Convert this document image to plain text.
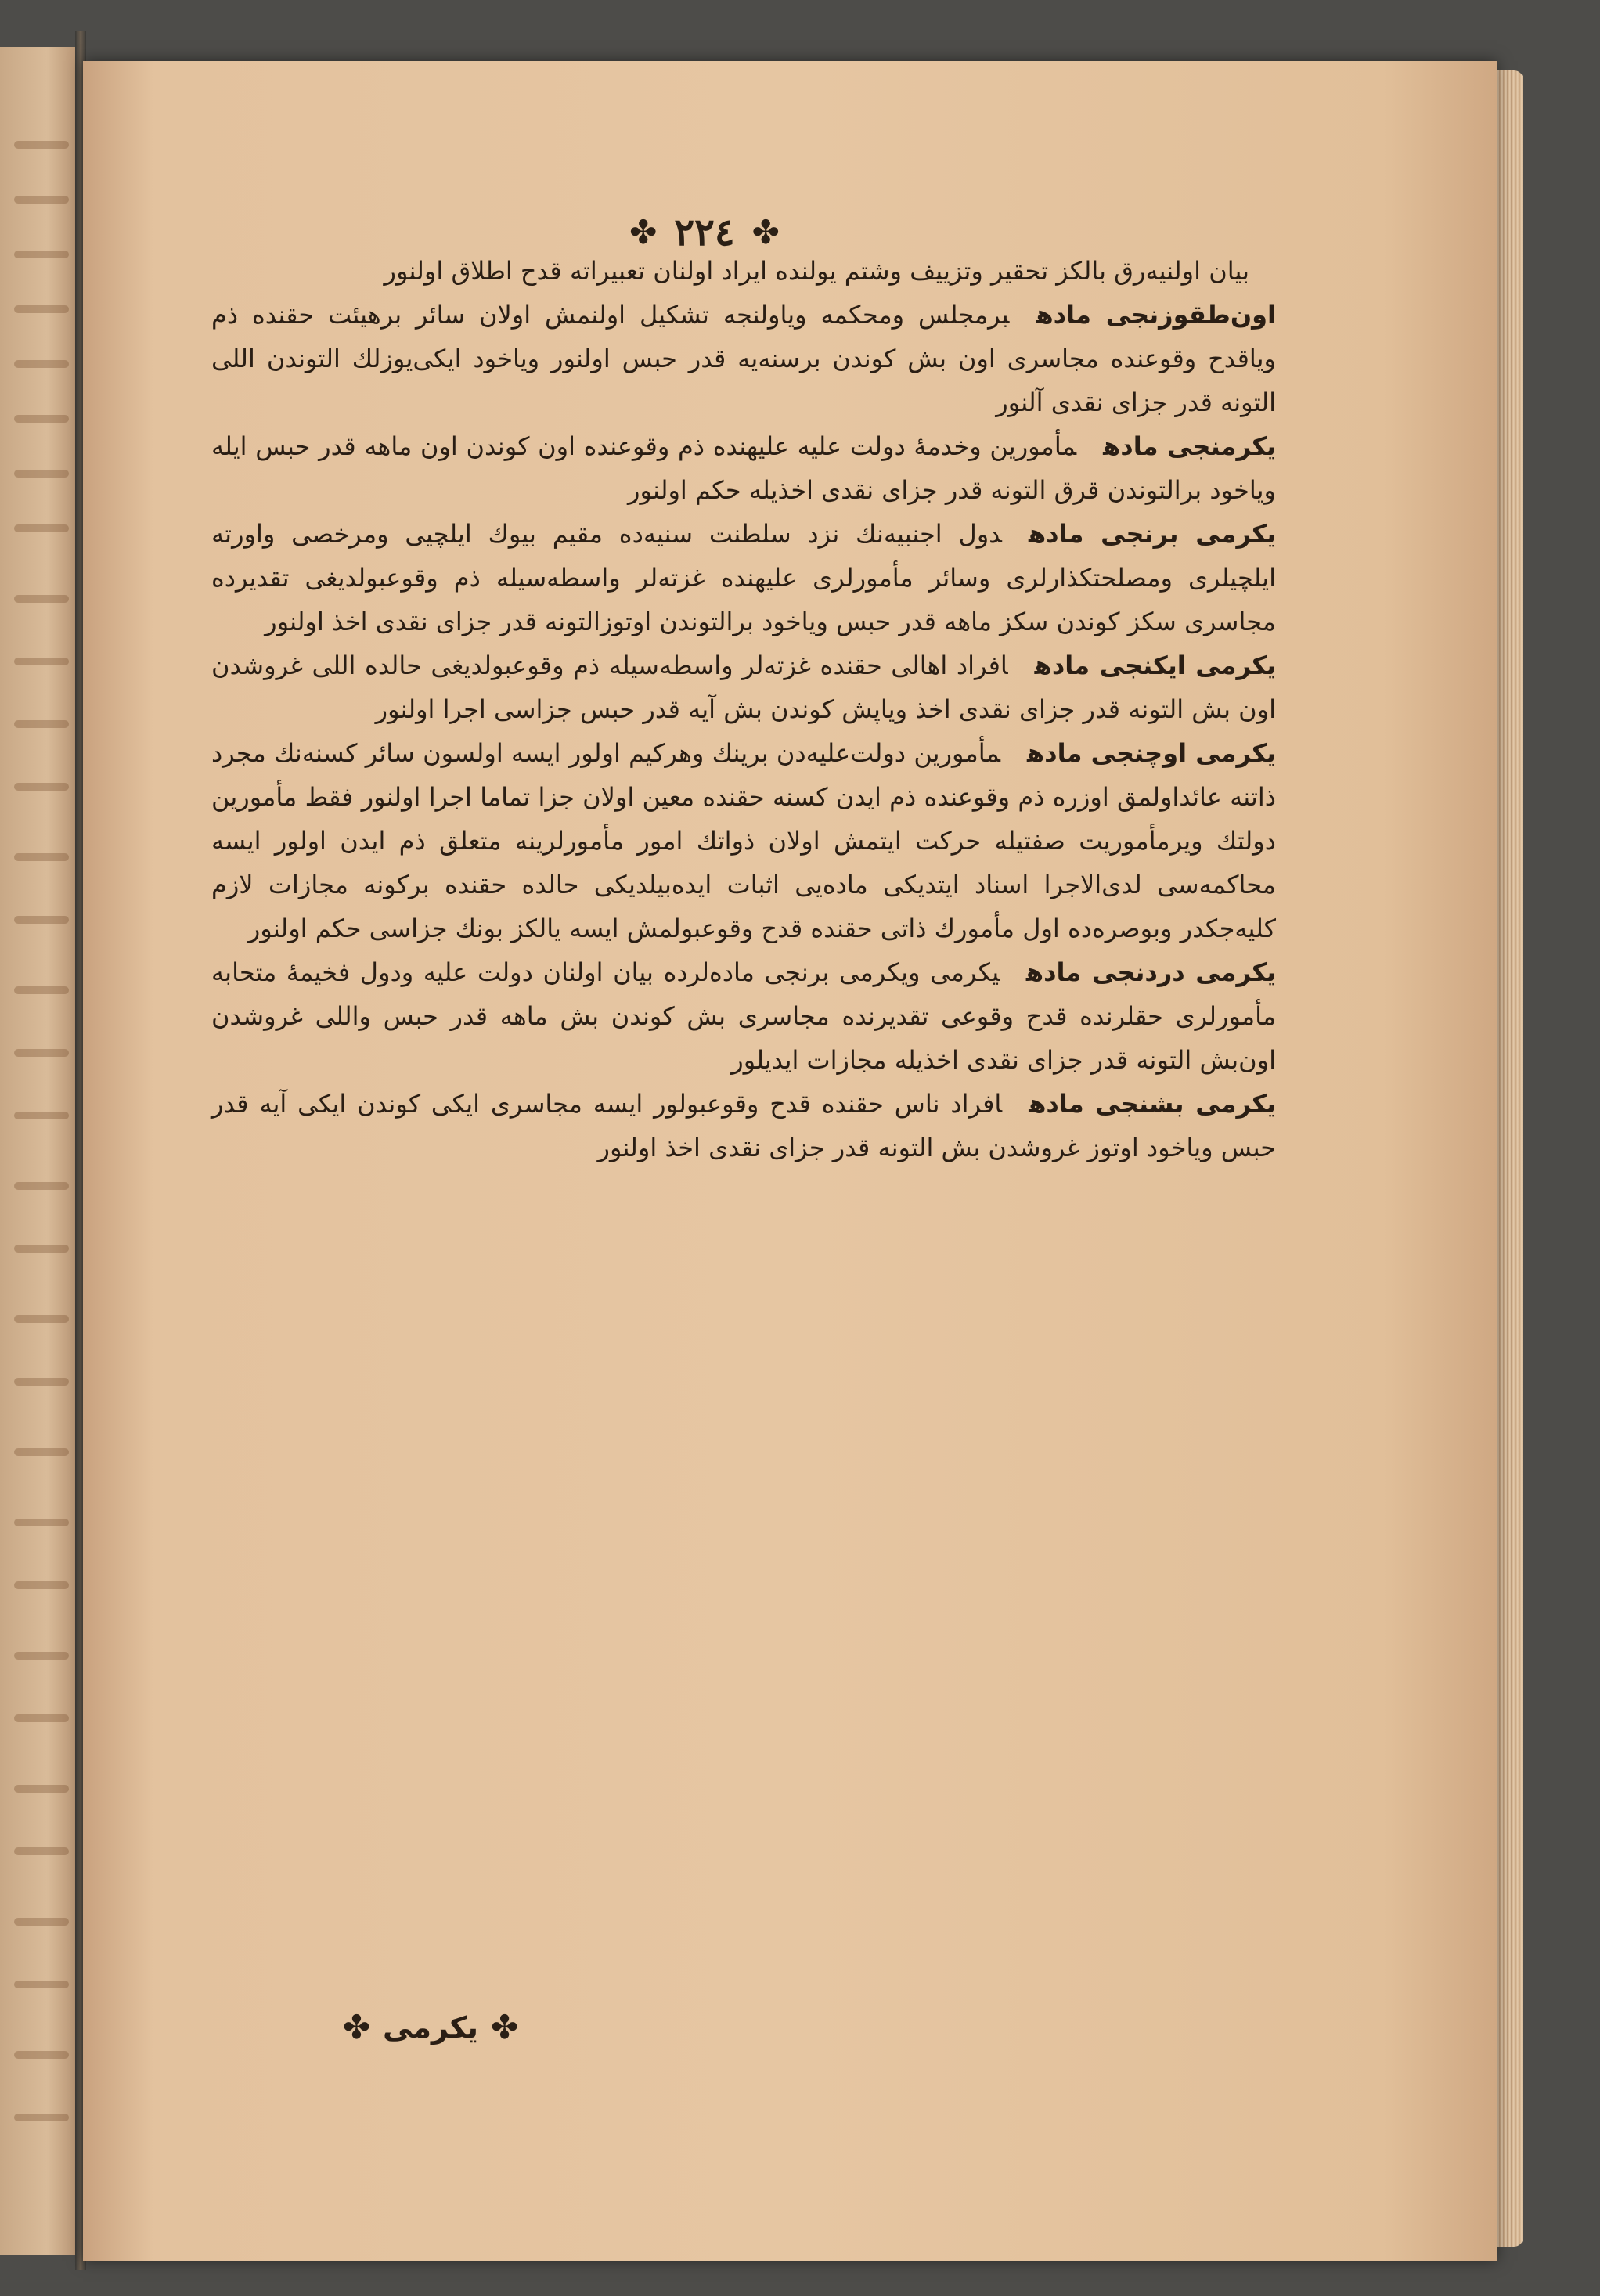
✤ ٢٢٤ ✤

بيان اولنيه‌رق بالكز تحقير وتزييف وشتم يولنده ايراد اولنان تعبيراته قدح اطلاق اولنور

اون‌طقوزنجى مادهبرمجلس ومحكمه وياولنجه تشكيل اولنمش اولان سائر برهيئت حقنده ذم وياقدح وقوعنده مجاسرى اون بش كوندن برسنه‌يه قدر حبس اولنور وياخود ايكى‌يوزلك التوندن اللى التونه قدر جزاى نقدى آلنور

يكرمنجى مادهمأمورين وخدمهٔ دولت عليه عليهنده ذم وقوعنده اون كوندن اون ماهه قدر حبس ايله وياخود برالتوندن قرق التونه قدر جزاى نقدى اخذيله حكم اولنور

يكرمى برنجى مادهدول اجنبيه‌نك نزد سلطنت سنيه‌ده مقيم بيوك ايلچيى ومرخصى واورته ايلچيلرى ومصلحتكذارلرى وسائر مأمورلرى عليهنده غزته‌لر واسطه‌سيله ذم وقوعبولديغى تقديرده مجاسرى سكز كوندن سكز ماهه قدر حبس وياخود برالتوندن اوتوزالتونه قدر جزاى نقدى اخذ اولنور

يكرمى ايكنجى مادهافراد اهالى حقنده غزته‌لر واسطه‌سيله ذم وقوعبولديغى حالده اللى غروشدن اون بش التونه قدر جزاى نقدى اخذ وياپش كوندن بش آيه قدر حبس جزاسى اجرا اولنور

يكرمى اوچنجى مادهمأمورين دولت‌عليه‌دن برينك وهركيم اولور ايسه اولسون سائر كسنه‌نك مجرد ذاتنه عائداولمق اوزره ذم وقوعنده ذم ايدن كسنه حقنده معين اولان جزا تماما اجرا اولنور فقط مأمورين دولتك ويرمأموريت صفتيله حركت ايتمش اولان ذواتك امور مأمورلرينه متعلق ذم ايدن اولور ايسه محاكمه‌سى لدى‌الاجرا اسناد ايتديكى ماده‌يى اثبات ايده‌بيلديكى حالده حقنده بركونه مجازات لازم كليه‌جكدر وبوصره‌ده اول مأمورك ذاتى حقنده قدح وقوعبولمش ايسه يالكز بونك جزاسى حكم اولنور

يكرمى دردنجى مادهيكرمى ويكرمى برنجى ماده‌لرده بيان اولنان دولت عليه ودول فخيمهٔ متحابه مأمورلرى حقلرنده قدح وقوعى تقديرنده مجاسرى بش كوندن بش ماهه قدر حبس واللى غروشدن اون‌بش التونه قدر جزاى نقدى اخذيله مجازات ايديلور

يكرمى بشنجى مادهافراد ناس حقنده قدح وقوعبولور ايسه مجاسرى ايكى كوندن ايكى آيه قدر حبس وياخود اوتوز غروشدن بش التونه قدر جزاى نقدى اخذ اولنور

✤
يكرمى
✤
